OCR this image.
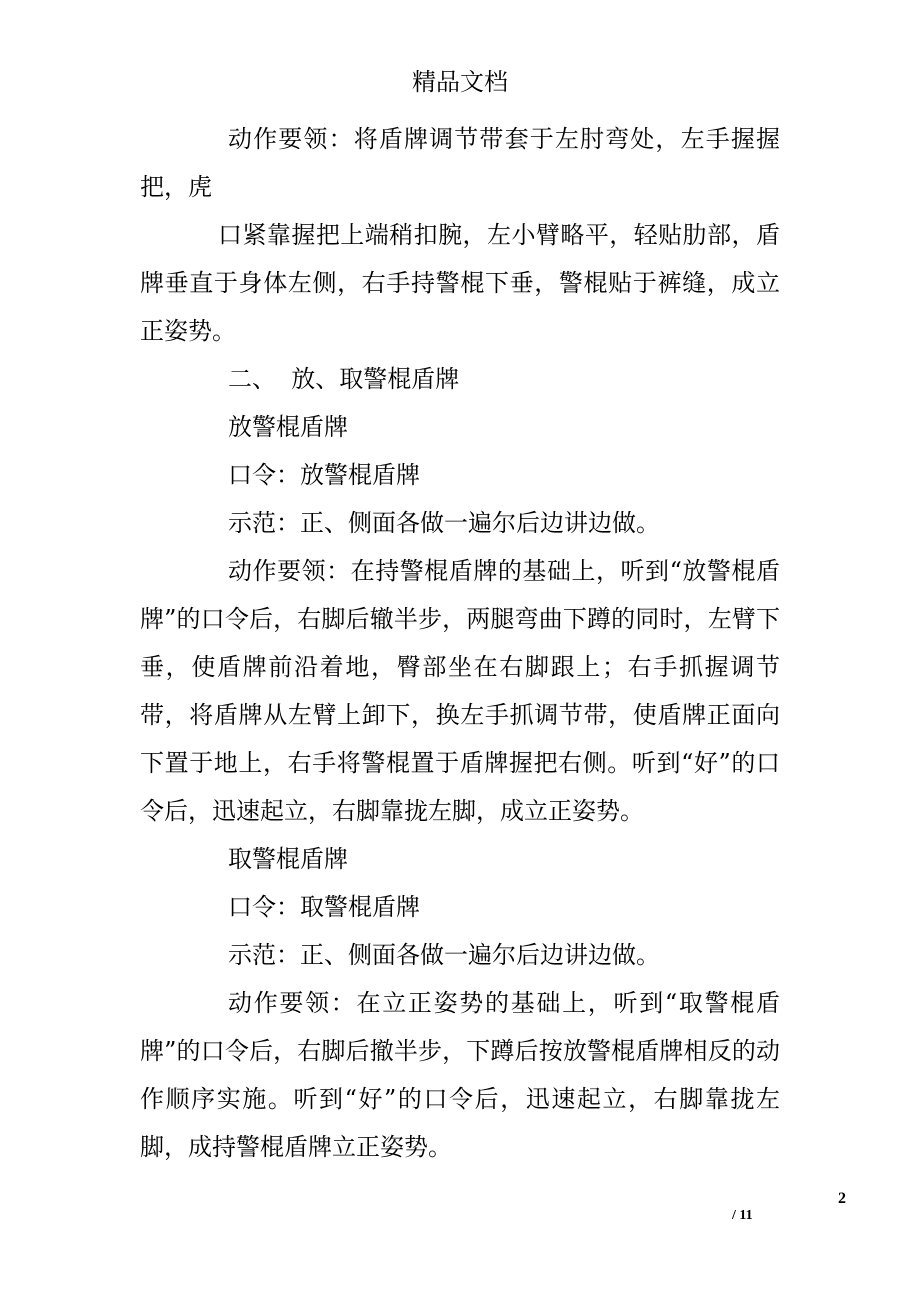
精品文档

动作要领：将盾牌调节带套于左肘弯处，左手握握把，虎

口紧靠握把上端稍扣腕，左小臂略平，轻贴肋部，盾牌垂直于身体左侧，右手持警棍下垂，警棍贴于裤缝，成立正姿势。

二、  放、取警棍盾牌

放警棍盾牌

口令：放警棍盾牌

示范：正、侧面各做一遍尔后边讲边做。

动作要领：在持警棍盾牌的基础上，听到“放警棍盾牌”的口令后，右脚后辙半步，两腿弯曲下蹲的同时，左臂下垂，使盾牌前沿着地，臀部坐在右脚跟上；右手抓握调节带，将盾牌从左臂上卸下，换左手抓调节带，使盾牌正面向下置于地上，右手将警棍置于盾牌握把右侧。听到“好”的口令后，迅速起立，右脚靠拢左脚，成立正姿势。

取警棍盾牌

口令：取警棍盾牌

示范：正、侧面各做一遍尔后边讲边做。

动作要领：在立正姿势的基础上，听到“取警棍盾牌”的口令后，右脚后撤半步，下蹲后按放警棍盾牌相反的动作顺序实施。听到“好”的口令后，迅速起立，右脚靠拢左脚，成持警棍盾牌立正姿势。

2
/ 11
